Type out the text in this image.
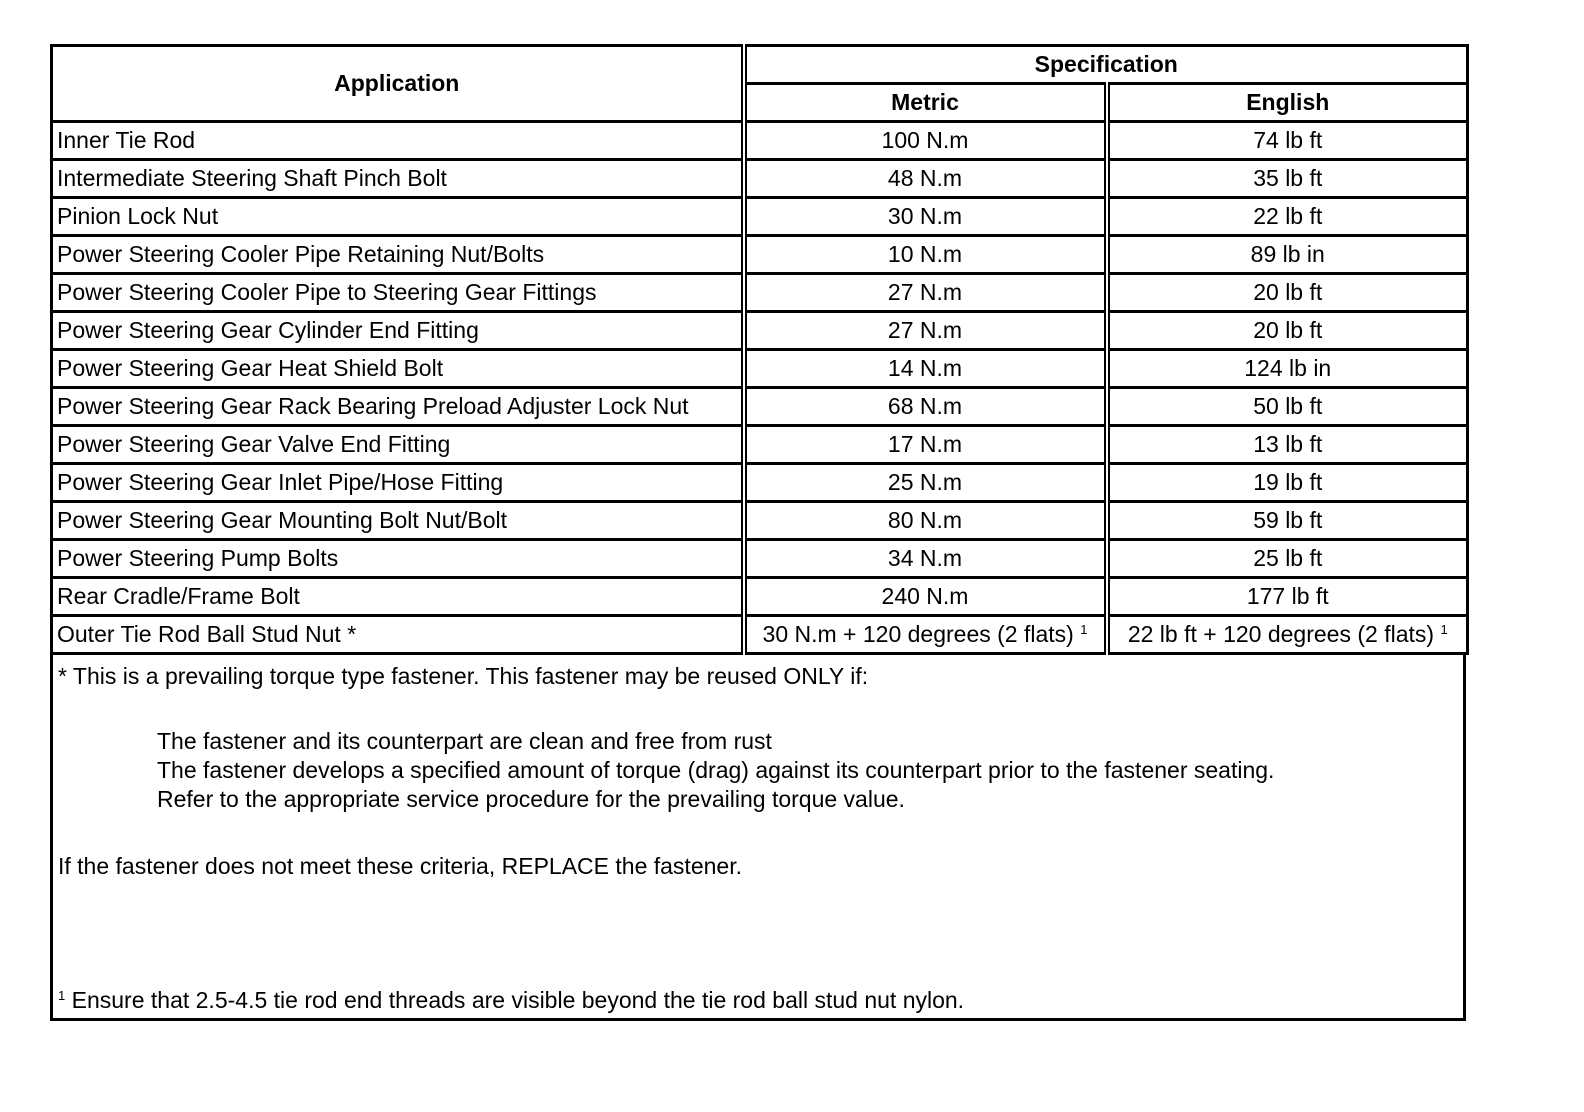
Application	Specification	
	Metric	English
Inner Tie Rod	100 N.m	74 lb ft
Intermediate Steering Shaft Pinch Bolt	48 N.m	35 lb ft
Pinion Lock Nut	30 N.m	22 lb ft
Power Steering Cooler Pipe Retaining Nut/Bolts	10 N.m	89 lb in
Power Steering Cooler Pipe to Steering Gear Fittings	27 N.m	20 lb ft
Power Steering Gear Cylinder End Fitting	27 N.m	20 lb ft
Power Steering Gear Heat Shield Bolt	14 N.m	124 lb in
Power Steering Gear Rack Bearing Preload Adjuster Lock Nut	68 N.m	50 lb ft
Power Steering Gear Valve End Fitting	17 N.m	13 lb ft
Power Steering Gear Inlet Pipe/Hose Fitting	25 N.m	19 lb ft
Power Steering Gear Mounting Bolt Nut/Bolt	80 N.m	59 lb ft
Power Steering Pump Bolts	34 N.m	25 lb ft
Rear Cradle/Frame Bolt	240 N.m	177 lb ft
Outer Tie Rod Ball Stud Nut *	30 N.m + 120 degrees (2 flats) $^1$	22 lb ft + 120 degrees (2 flats) $^1$

* This is a prevailing torque type fastener. This fastener may be reused ONLY if:

The fastener and its counterpart are clean and free from rust
The fastener develops a specified amount of torque (drag) against its counterpart prior to the fastener seating.
Refer to the appropriate service procedure for the prevailing torque value.

If the fastener does not meet these criteria, REPLACE the fastener.

$^1$ Ensure that 2.5-4.5 tie rod end threads are visible beyond the tie rod ball stud nut nylon.
